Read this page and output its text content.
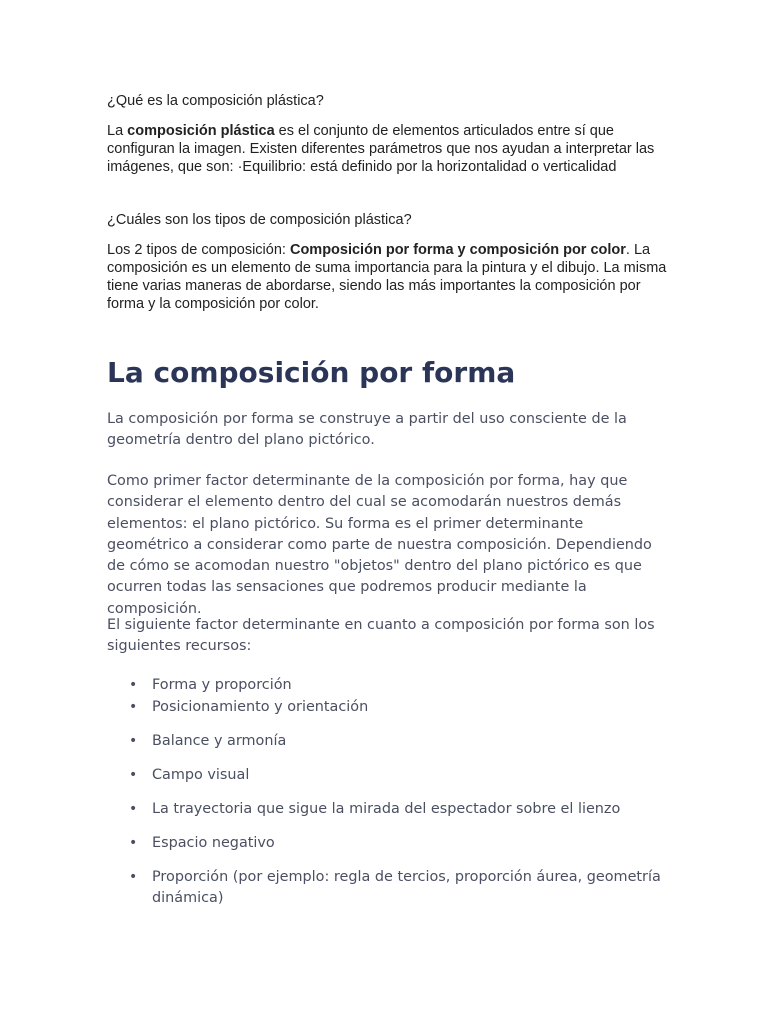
¿Qué es la composición plástica?

La composición plástica es el conjunto de elementos articulados entre sí que configuran la imagen. Existen diferentes parámetros que nos ayudan a interpretar las imágenes, que son: ·Equilibrio: está definido por la horizontalidad o verticalidad

¿Cuáles son los tipos de composición plástica?

Los 2 tipos de composición: Composición por forma y composición por color. La composición es un elemento de suma importancia para la pintura y el dibujo. La misma tiene varias maneras de abordarse, siendo las más importantes la composición por forma y la composición por color.

La composición por forma

La composición por forma se construye a partir del uso consciente de la geometría dentro del plano pictórico.

Como primer factor determinante de la composición por forma, hay que considerar el elemento dentro del cual se acomodarán nuestros demás elementos: el plano pictórico. Su forma es el primer determinante geométrico a considerar como parte de nuestra composición. Dependiendo de cómo se acomodan nuestro "objetos" dentro del plano pictórico es que ocurren todas las sensaciones que podremos producir mediante la composición.

El siguiente factor determinante en cuanto a composición por forma son los siguientes recursos:

• Forma y proporción
• Posicionamiento y orientación
• Balance y armonía
• Campo visual
• La trayectoria que sigue la mirada del espectador sobre el lienzo
• Espacio negativo
• Proporción (por ejemplo: regla de tercios, proporción áurea, geometría dinámica)
